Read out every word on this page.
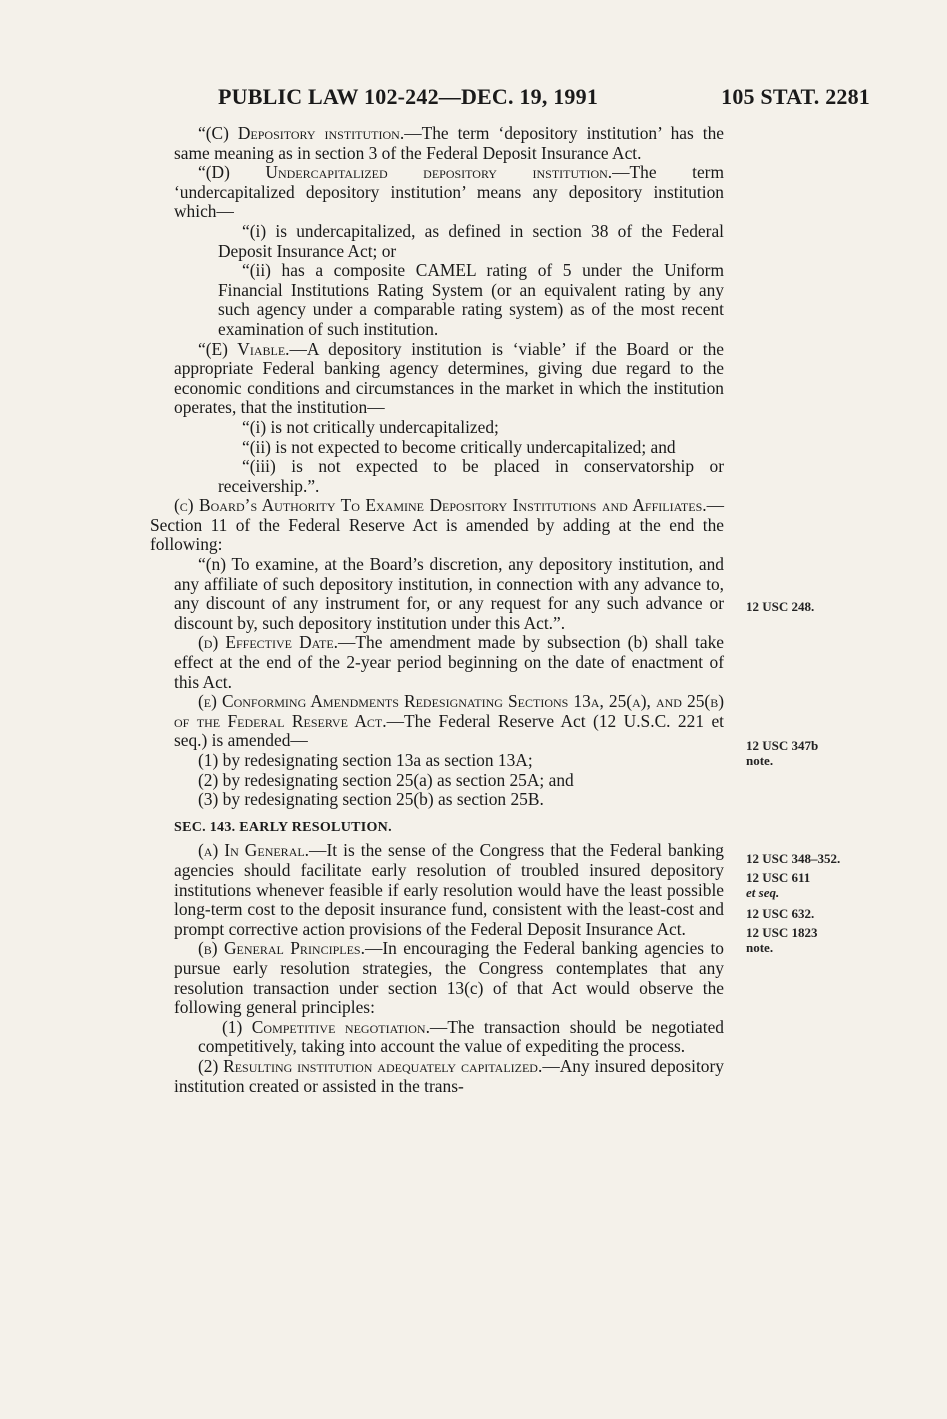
PUBLIC LAW 102-242—DEC. 19, 1991	105 STAT. 2281

“(C) Depository institution.—The term ‘depository institution’ has the same meaning as in section 3 of the Federal Deposit Insurance Act.

“(D) Undercapitalized depository institution.—The term ‘undercapitalized depository institution’ means any depository institution which—

“(i) is undercapitalized, as defined in section 38 of the Federal Deposit Insurance Act; or

“(ii) has a composite CAMEL rating of 5 under the Uniform Financial Institutions Rating System (or an equivalent rating by any such agency under a comparable rating system) as of the most recent examination of such institution.

“(E) Viable.—A depository institution is ‘viable’ if the Board or the appropriate Federal banking agency determines, giving due regard to the economic conditions and circumstances in the market in which the institution operates, that the institution—

“(i) is not critically undercapitalized;

“(ii) is not expected to become critically undercapitalized; and

“(iii) is not expected to be placed in conservatorship or receivership.”.

(c) Board’s Authority To Examine Depository Institutions and Affiliates.—Section 11 of the Federal Reserve Act is amended by adding at the end the following:

“(n) To examine, at the Board’s discretion, any depository institution, and any affiliate of such depository institution, in connection with any advance to, any discount of any instrument for, or any request for any such advance or discount by, such depository institution under this Act.”.

(d) Effective Date.—The amendment made by subsection (b) shall take effect at the end of the 2-year period beginning on the date of enactment of this Act.

(e) Conforming Amendments Redesignating Sections 13a, 25(a), and 25(b) of the Federal Reserve Act.—The Federal Reserve Act (12 U.S.C. 221 et seq.) is amended—

(1) by redesignating section 13a as section 13A;

(2) by redesignating section 25(a) as section 25A; and

(3) by redesignating section 25(b) as section 25B.

SEC. 143. EARLY RESOLUTION.

(a) In General.—It is the sense of the Congress that the Federal banking agencies should facilitate early resolution of troubled insured depository institutions whenever feasible if early resolution would have the least possible long-term cost to the deposit insurance fund, consistent with the least-cost and prompt corrective action provisions of the Federal Deposit Insurance Act.

(b) General Principles.—In encouraging the Federal banking agencies to pursue early resolution strategies, the Congress contemplates that any resolution transaction under section 13(c) of that Act would observe the following general principles:

(1) Competitive negotiation.—The transaction should be negotiated competitively, taking into account the value of expediting the process.

(2) Resulting institution adequately capitalized.—Any insured depository institution created or assisted in the trans-

12 USC 248.
12 USC 347b
note.
12 USC 348–352.
12 USC 611
et seq.
12 USC 632.
12 USC 1823
note.
